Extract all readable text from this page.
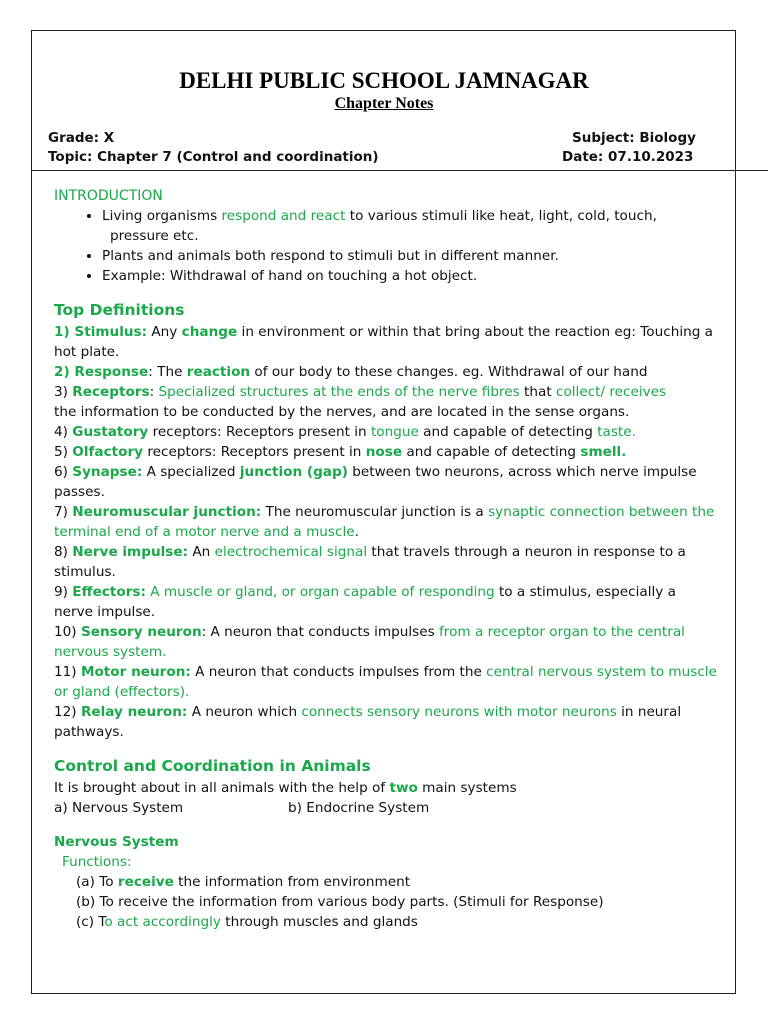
DELHI PUBLIC SCHOOL JAMNAGAR
Chapter Notes
Grade: X	Subject: Biology
Topic: Chapter 7 (Control and coordination)	Date: 07.10.2023
INTRODUCTION
• Living organisms respond and react to various stimuli like heat, light, cold, touch,
pressure etc.
• Plants and animals both respond to stimuli but in different manner.
• Example: Withdrawal of hand on touching a hot object.
Top Definitions
1) Stimulus: Any change in environment or within that bring about the reaction eg: Touching a
hot plate.
2) Response: The reaction of our body to these changes. eg. Withdrawal of our hand
3) Receptors: Specialized structures at the ends of the nerve fibres that collect/ receives
the information to be conducted by the nerves, and are located in the sense organs.
4) Gustatory receptors: Receptors present in tongue and capable of detecting taste.
5) Olfactory receptors: Receptors present in nose and capable of detecting smell.
6) Synapse: A specialized junction (gap) between two neurons, across which nerve impulse
passes.
7) Neuromuscular junction: The neuromuscular junction is a synaptic connection between the
terminal end of a motor nerve and a muscle.
8) Nerve impulse: An electrochemical signal that travels through a neuron in response to a
stimulus.
9) Effectors: A muscle or gland, or organ capable of responding to a stimulus, especially a
nerve impulse.
10) Sensory neuron: A neuron that conducts impulses from a receptor organ to the central
nervous system.
11) Motor neuron: A neuron that conducts impulses from the central nervous system to muscle
or gland (effectors).
12) Relay neuron: A neuron which connects sensory neurons with motor neurons in neural
pathways.
Control and Coordination in Animals
It is brought about in all animals with the help of two main systems
a) Nervous System	b) Endocrine System
Nervous System
Functions:
(a) To receive the information from environment
(b) To receive the information from various body parts. (Stimuli for Response)
(c) To act accordingly through muscles and glands
